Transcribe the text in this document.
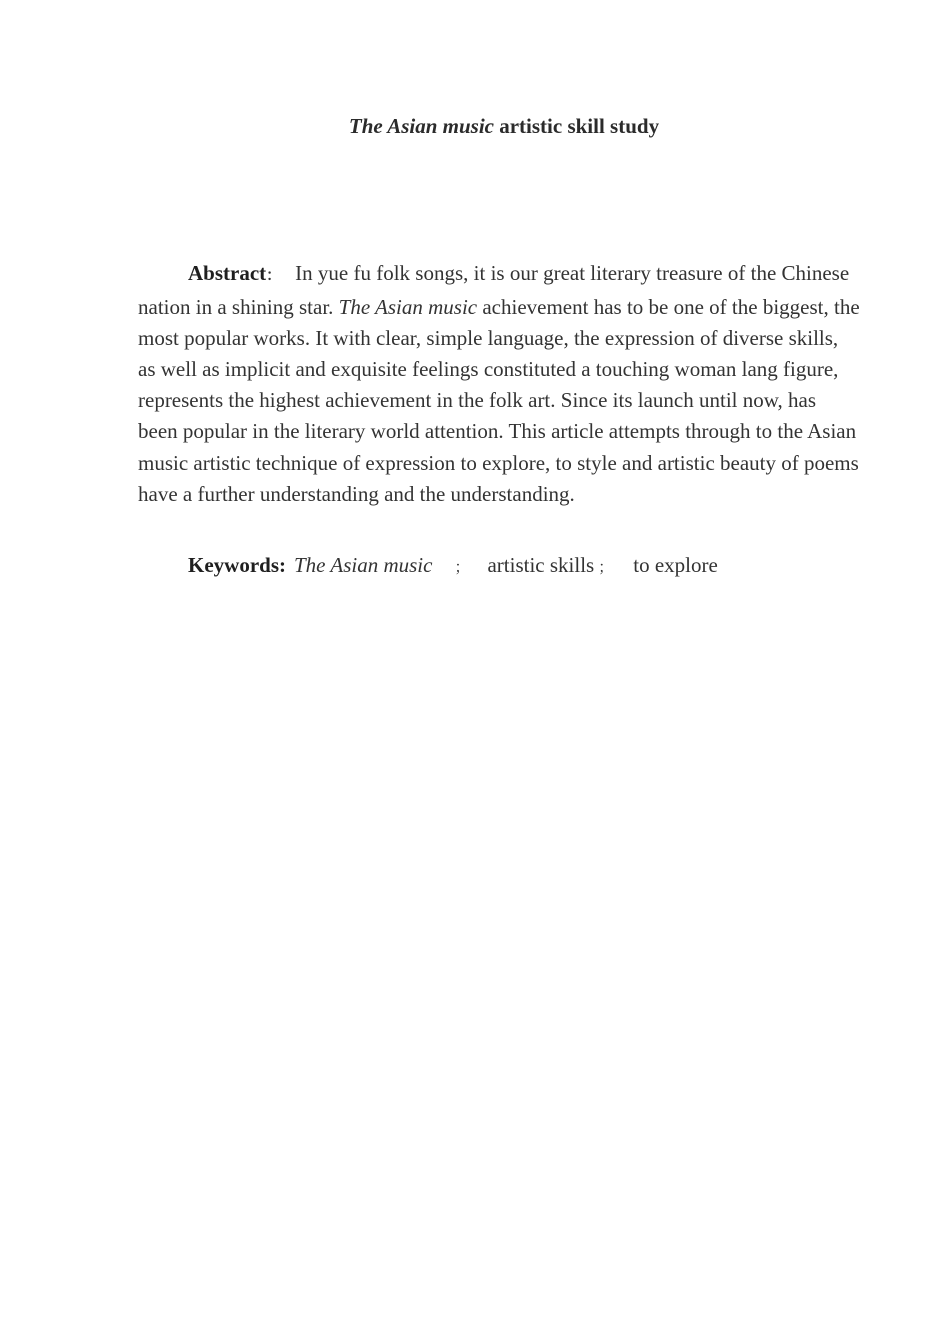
The Asian music artistic skill study

Abstract： In yue fu folk songs, it is our great literary treasure of the Chinese nation in a shining star. The Asian music achievement has to be one of the biggest, the most popular works. It with clear, simple language, the expression of diverse skills, as well as implicit and exquisite feelings constituted a touching woman lang figure, represents the highest achievement in the folk art. Since its launch until now, has been popular in the literary world attention. This article attempts through to the Asian music artistic technique of expression to explore, to style and artistic beauty of poems have a further understanding and the understanding.

Keywords: The Asian music ； artistic skills ； to explore
